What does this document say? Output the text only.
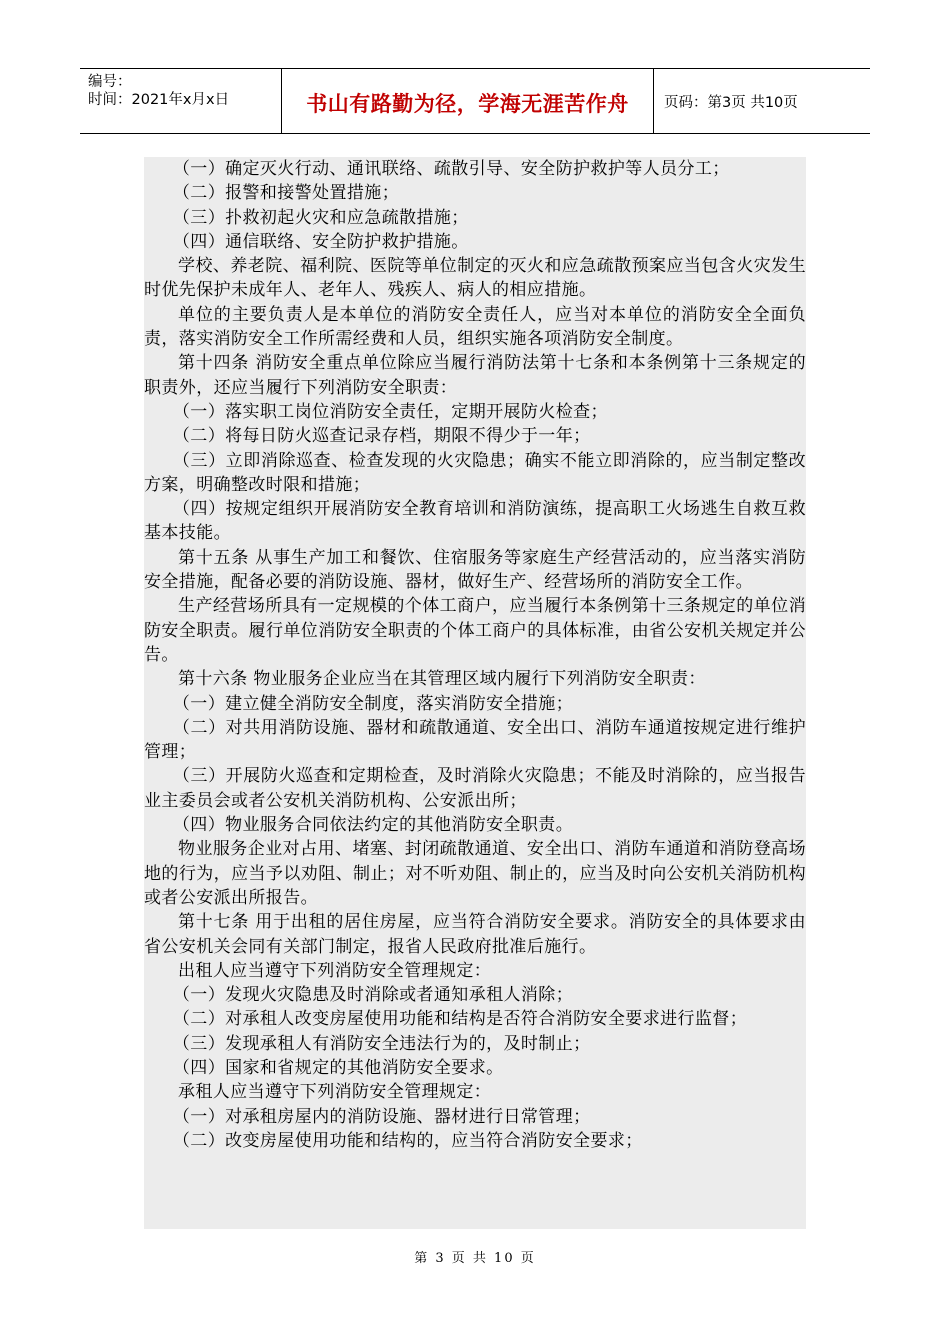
编号：
时间：2021年x月x日	书山有路勤为径，学海无涯苦作舟	页码：第3页 共10页

（一）确定灭火行动、通讯联络、疏散引导、安全防护救护等人员分工；

（二）报警和接警处置措施；

（三）扑救初起火灾和应急疏散措施；

（四）通信联络、安全防护救护措施。

学校、养老院、福利院、医院等单位制定的灭火和应急疏散预案应当包含火灾发生时优先保护未成年人、老年人、残疾人、病人的相应措施。

单位的主要负责人是本单位的消防安全责任人，应当对本单位的消防安全全面负责，落实消防安全工作所需经费和人员，组织实施各项消防安全制度。

第十四条 消防安全重点单位除应当履行消防法第十七条和本条例第十三条规定的职责外，还应当履行下列消防安全职责：

（一）落实职工岗位消防安全责任，定期开展防火检查；

（二）将每日防火巡查记录存档，期限不得少于一年；

（三）立即消除巡查、检查发现的火灾隐患；确实不能立即消除的，应当制定整改方案，明确整改时限和措施；

（四）按规定组织开展消防安全教育培训和消防演练，提高职工火场逃生自救互救基本技能。

第十五条 从事生产加工和餐饮、住宿服务等家庭生产经营活动的，应当落实消防安全措施，配备必要的消防设施、器材，做好生产、经营场所的消防安全工作。

生产经营场所具有一定规模的个体工商户，应当履行本条例第十三条规定的单位消防安全职责。履行单位消防安全职责的个体工商户的具体标准，由省公安机关规定并公告。

第十六条 物业服务企业应当在其管理区域内履行下列消防安全职责：

（一）建立健全消防安全制度，落实消防安全措施；

（二）对共用消防设施、器材和疏散通道、安全出口、消防车通道按规定进行维护管理；

（三）开展防火巡查和定期检查，及时消除火灾隐患；不能及时消除的，应当报告业主委员会或者公安机关消防机构、公安派出所；

（四）物业服务合同依法约定的其他消防安全职责。

物业服务企业对占用、堵塞、封闭疏散通道、安全出口、消防车通道和消防登高场地的行为，应当予以劝阻、制止；对不听劝阻、制止的，应当及时向公安机关消防机构或者公安派出所报告。

第十七条 用于出租的居住房屋，应当符合消防安全要求。消防安全的具体要求由省公安机关会同有关部门制定，报省人民政府批准后施行。

出租人应当遵守下列消防安全管理规定：

（一）发现火灾隐患及时消除或者通知承租人消除；

（二）对承租人改变房屋使用功能和结构是否符合消防安全要求进行监督；

（三）发现承租人有消防安全违法行为的，及时制止；

（四）国家和省规定的其他消防安全要求。

承租人应当遵守下列消防安全管理规定：

（一）对承租房屋内的消防设施、器材进行日常管理；

（二）改变房屋使用功能和结构的，应当符合消防安全要求；

第 3 页 共 10 页
